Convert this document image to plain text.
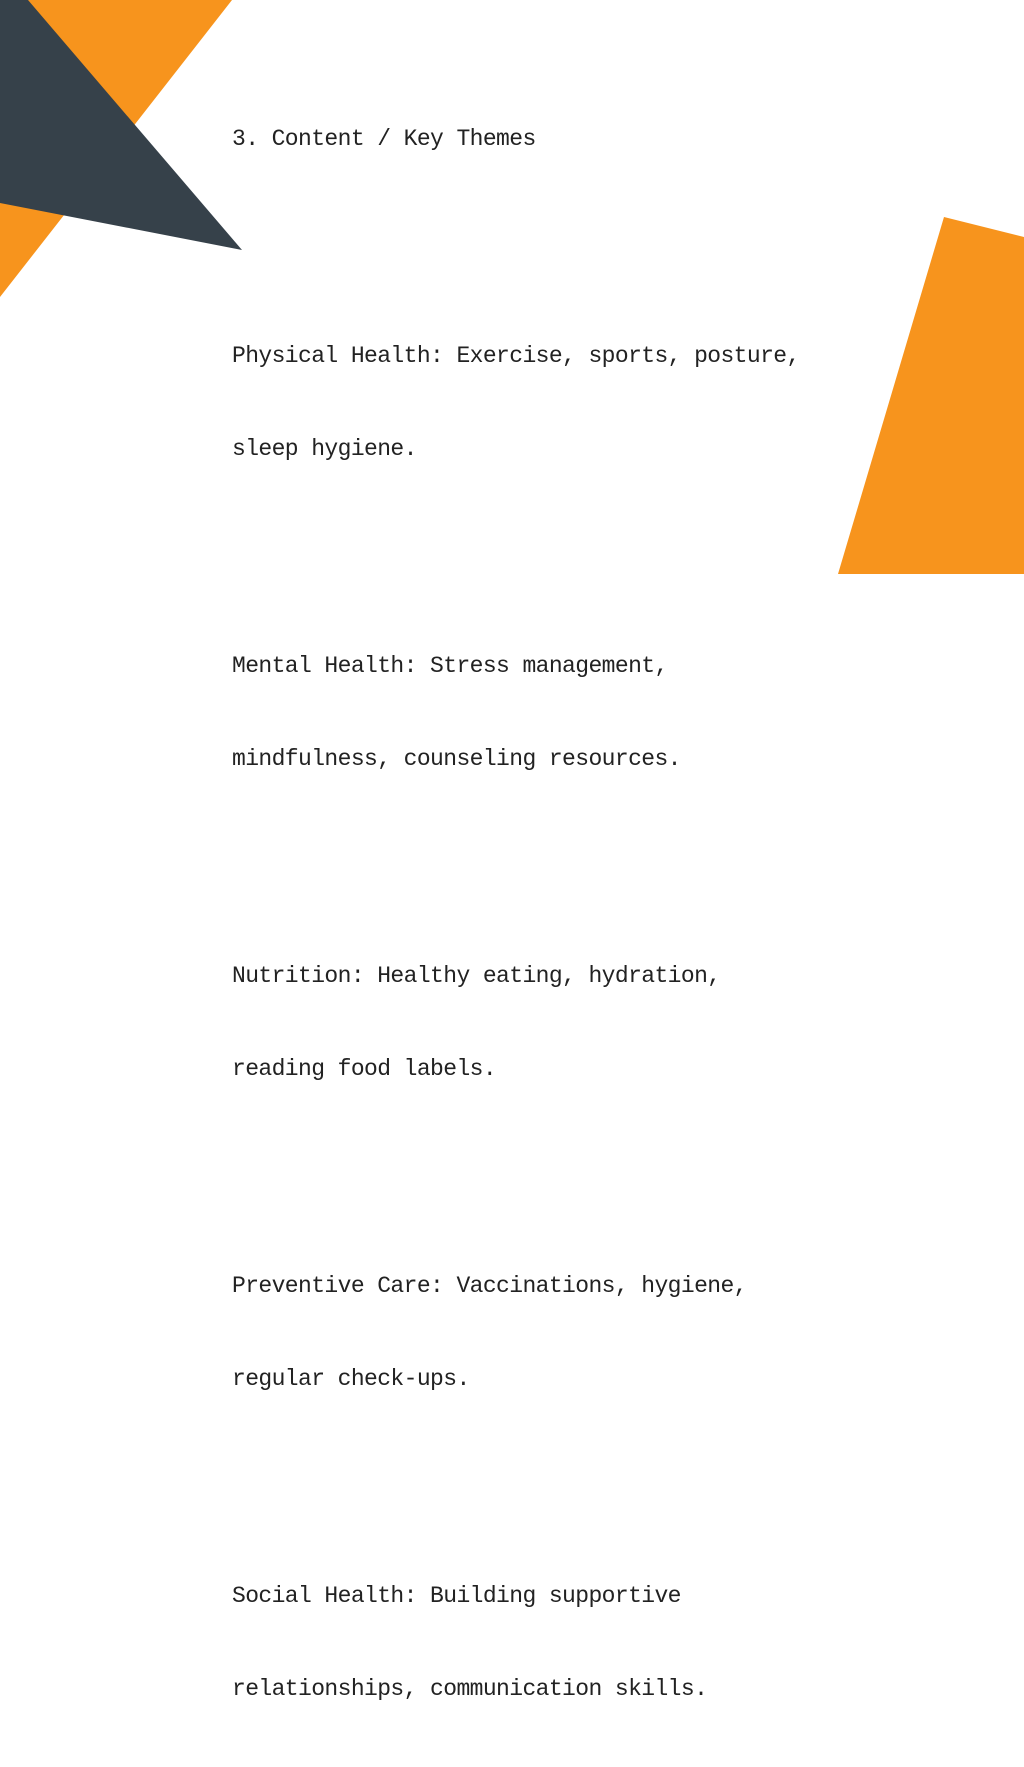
3. Content / Key Themes

Physical Health: Exercise, sports, posture,

sleep hygiene.

Mental Health: Stress management,

mindfulness, counseling resources.

Nutrition: Healthy eating, hydration,

reading food labels.

Preventive Care: Vaccinations, hygiene,

regular check-ups.

Social Health: Building supportive

relationships, communication skills.
